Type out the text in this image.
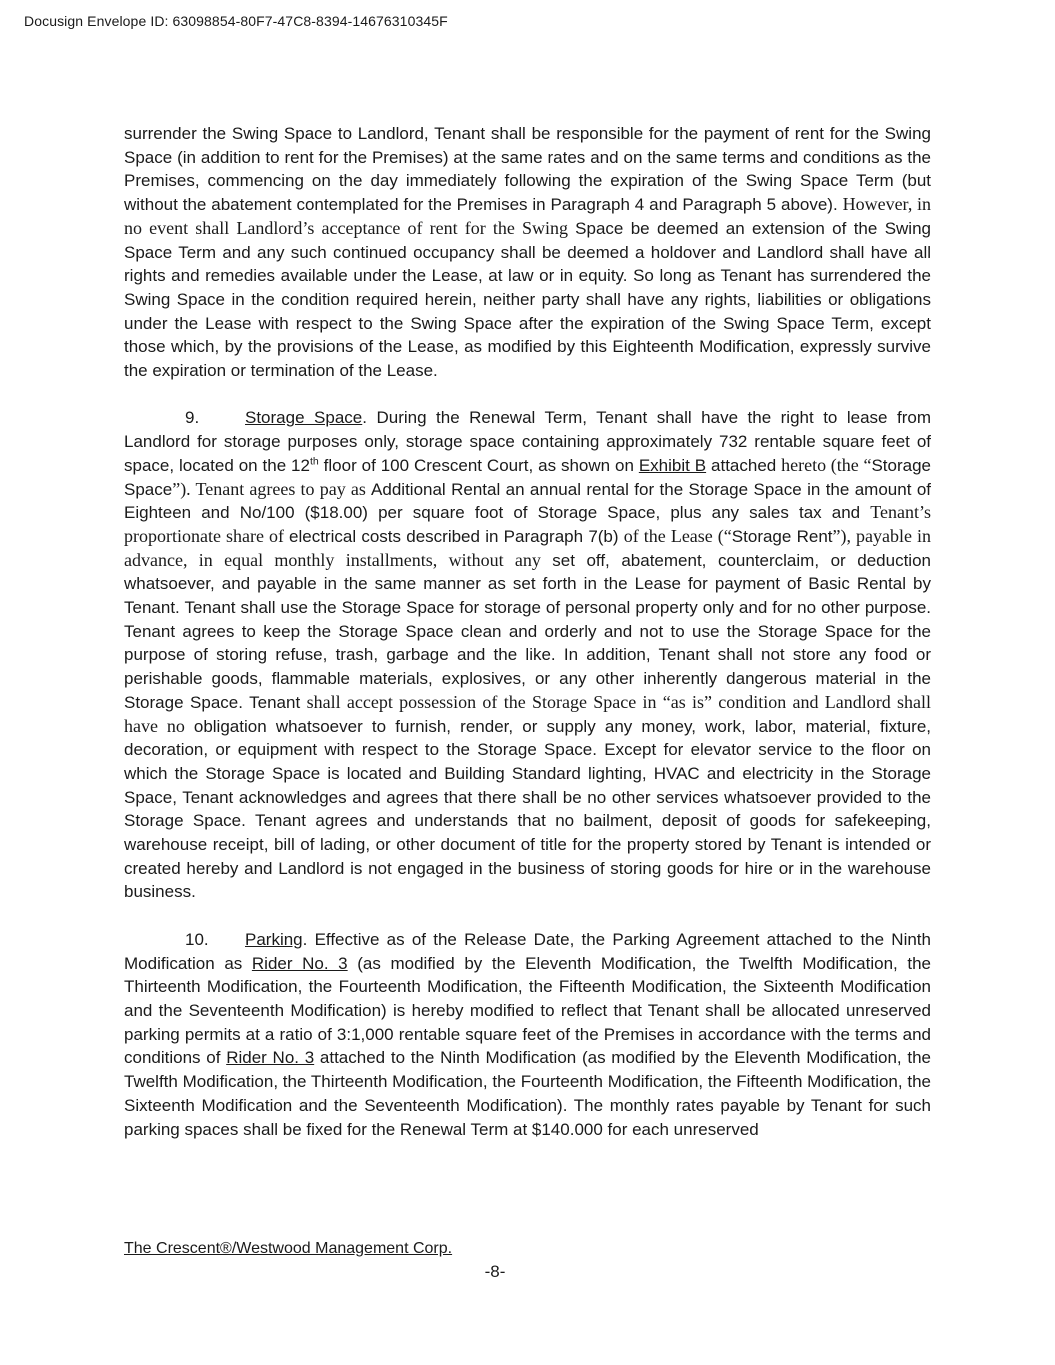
Docusign Envelope ID: 63098854-80F7-47C8-8394-14676310345F

surrender the Swing Space to Landlord, Tenant shall be responsible for the payment of rent for the Swing Space (in addition to rent for the Premises) at the same rates and on the same terms and conditions as the Premises, commencing on the day immediately following the expiration of the Swing Space Term (but without the abatement contemplated for the Premises in Paragraph 4 and Paragraph 5 above). However, in no event shall Landlord’s acceptance of rent for the Swing Space be deemed an extension of the Swing Space Term and any such continued occupancy shall be deemed a holdover and Landlord shall have all rights and remedies available under the Lease, at law or in equity. So long as Tenant has surrendered the Swing Space in the condition required herein, neither party shall have any rights, liabilities or obligations under the Lease with respect to the Swing Space after the expiration of the Swing Space Term, except those which, by the provisions of the Lease, as modified by this Eighteenth Modification, expressly survive the expiration or termination of the Lease.

9.	Storage Space. During the Renewal Term, Tenant shall have the right to lease from Landlord for storage purposes only, storage space containing approximately 732 rentable square feet of space, located on the 12th floor of 100 Crescent Court, as shown on Exhibit B attached hereto (the “Storage Space”). Tenant agrees to pay as Additional Rental an annual rental for the Storage Space in the amount of Eighteen and No/100 ($18.00) per square foot of Storage Space, plus any sales tax and Tenant’s proportionate share of electrical costs described in Paragraph 7(b) of the Lease (“Storage Rent”), payable in advance, in equal monthly installments, without any set off, abatement, counterclaim, or deduction whatsoever, and payable in the same manner as set forth in the Lease for payment of Basic Rental by Tenant. Tenant shall use the Storage Space for storage of personal property only and for no other purpose. Tenant agrees to keep the Storage Space clean and orderly and not to use the Storage Space for the purpose of storing refuse, trash, garbage and the like. In addition, Tenant shall not store any food or perishable goods, flammable materials, explosives, or any other inherently dangerous material in the Storage Space. Tenant shall accept possession of the Storage Space in “as is” condition and Landlord shall have no obligation whatsoever to furnish, render, or supply any money, work, labor, material, fixture, decoration, or equipment with respect to the Storage Space. Except for elevator service to the floor on which the Storage Space is located and Building Standard lighting, HVAC and electricity in the Storage Space, Tenant acknowledges and agrees that there shall be no other services whatsoever provided to the Storage Space. Tenant agrees and understands that no bailment, deposit of goods for safekeeping, warehouse receipt, bill of lading, or other document of title for the property stored by Tenant is intended or created hereby and Landlord is not engaged in the business of storing goods for hire or in the warehouse business.

10. Parking. Effective as of the Release Date, the Parking Agreement attached to the Ninth Modification as Rider No. 3 (as modified by the Eleventh Modification, the Twelfth Modification, the Thirteenth Modification, the Fourteenth Modification, the Fifteenth Modification, the Sixteenth Modification and the Seventeenth Modification) is hereby modified to reflect that Tenant shall be allocated unreserved parking permits at a ratio of 3:1,000 rentable square feet of the Premises in accordance with the terms and conditions of Rider No. 3 attached to the Ninth Modification (as modified by the Eleventh Modification, the Twelfth Modification, the Thirteenth Modification, the Fourteenth Modification, the Fifteenth Modification, the Sixteenth Modification and the Seventeenth Modification). The monthly rates payable by Tenant for such parking spaces shall be fixed for the Renewal Term at $140.000 for each unreserved

The Crescent®/Westwood Management Corp.
-8-
